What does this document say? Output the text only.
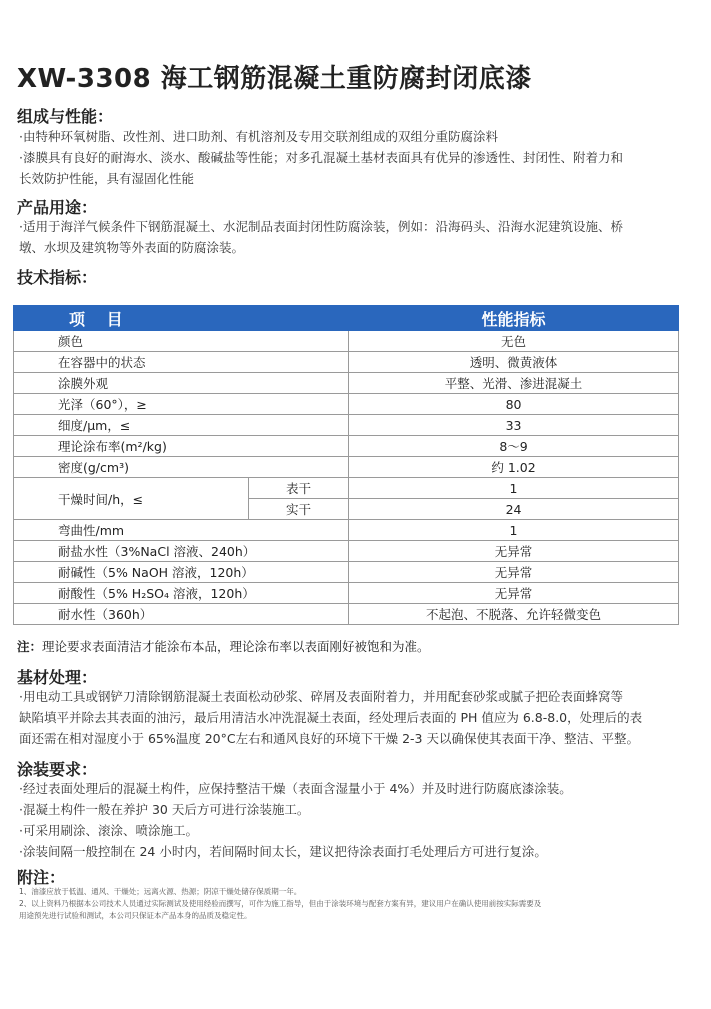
XW-3308 海工钢筋混凝土重防腐封闭底漆
组成与性能：

·由特种环氧树脂、改性剂、进口助剂、有机溶剂及专用交联剂组成的双组分重防腐涂料

·漆膜具有良好的耐海水、淡水、酸碱盐等性能；对多孔混凝土基材表面具有优异的渗透性、封闭性、附着力和

长效防护性能，具有湿固化性能

产品用途：

·适用于海洋气候条件下钢筋混凝土、水泥制品表面封闭性防腐涂装，例如：沿海码头、沿海水泥建筑设施、桥

墩、水坝及建筑物等外表面的防腐涂装。

技术指标：
项 目		性能指标
颜色		无色
在容器中的状态		透明、微黄液体
涂膜外观		平整、光滑、渗进混凝土
光泽（60°），≥		80
细度/μm，≤		33
理论涂布率(m²/kg)		8～9
密度(g/cm³)		约 1.02
干燥时间/h，≤	表干	1
	实干	24
弯曲性/mm		1
耐盐水性（3%NaCl 溶液、240h）		无异常
耐碱性（5% NaOH 溶液，120h）		无异常
耐酸性（5% H₂SO₄ 溶液，120h）		无异常
耐水性（360h）		不起泡、不脱落、允许轻微变色
注：理论要求表面清洁才能涂布本品，理论涂布率以表面刚好被饱和为准。
基材处理：

·用电动工具或钢铲刀清除钢筋混凝土表面松动砂浆、碎屑及表面附着力，并用配套砂浆或腻子把砼表面蜂窝等

缺陷填平并除去其表面的油污，最后用清洁水冲洗混凝土表面，经处理后表面的 PH 值应为 6.8-8.0，处理后的表

面还需在相对湿度小于 65%温度 20°C左右和通风良好的环境下干燥 2-3 天以确保使其表面干净、整洁、平整。

涂装要求：

·经过表面处理后的混凝土构件，应保持整洁干燥（表面含湿量小于 4%）并及时进行防腐底漆涂装。

·混凝土构件一般在养护 30 天后方可进行涂装施工。

·可采用刷涂、滚涂、喷涂施工。

·涂装间隔一般控制在 24 小时内，若间隔时间太长，建议把待涂表面打毛处理后方可进行复涂。

附注：

1、油漆应放于低温、通风、干燥处；远离火源、热源；阴凉干燥处储存保质期一年。

2、以上资料乃根据本公司技术人员通过实际测试及使用经验而撰写，可作为施工指导，但由于涂装环境与配套方案有异，建议用户在确认使用前按实际需要及

用途预先进行试验和测试，本公司只保证本产品本身的品质及稳定性。
